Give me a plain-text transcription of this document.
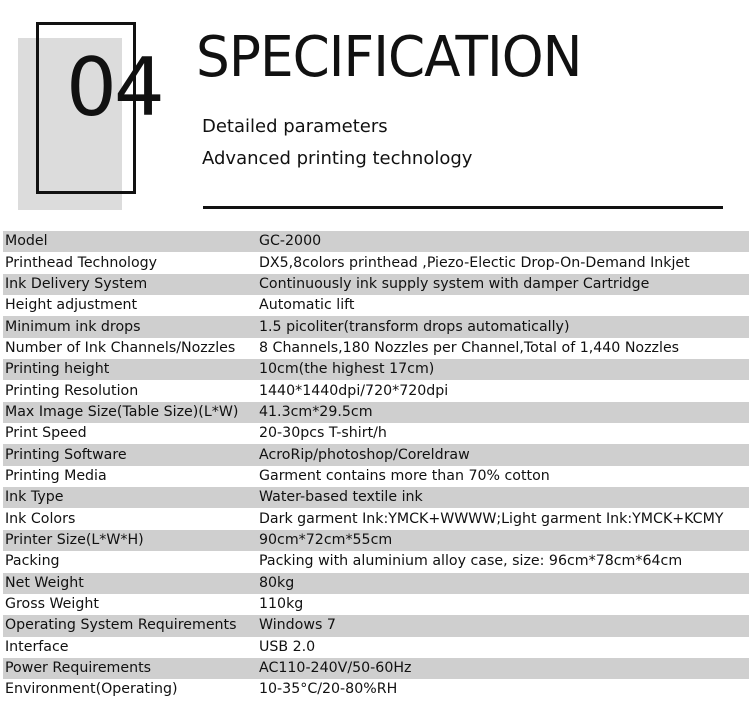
04 SPECIFICATION
Detailed parameters
Advanced printing technology
Model	GC-2000
Printhead Technology	DX5,8colors printhead ,Piezo-Electic Drop-On-Demand Inkjet
Ink Delivery System	Continuously ink supply system with damper Cartridge
Height adjustment	Automatic lift
Minimum ink drops	1.5 picoliter(transform drops automatically)
Number of Ink Channels/Nozzles	8 Channels,180 Nozzles per Channel,Total of 1,440 Nozzles
Printing height	10cm(the highest 17cm)
Printing Resolution	1440*1440dpi/720*720dpi
Max Image Size(Table Size)(L*W)	41.3cm*29.5cm
Print Speed	20-30pcs T-shirt/h
Printing Software	AcroRip/photoshop/Coreldraw
Printing Media	Garment contains more than 70% cotton
Ink Type	Water-based textile ink
Ink Colors	Dark garment Ink:YMCK+WWWW;Light garment Ink:YMCK+KCMY
Printer Size(L*W*H)	90cm*72cm*55cm
Packing	Packing with aluminium alloy case, size: 96cm*78cm*64cm
Net Weight	80kg
Gross Weight	110kg
Operating System Requirements	Windows 7
Interface	USB 2.0
Power Requirements	AC110-240V/50-60Hz
Environment(Operating)	10-35°C/20-80%RH
